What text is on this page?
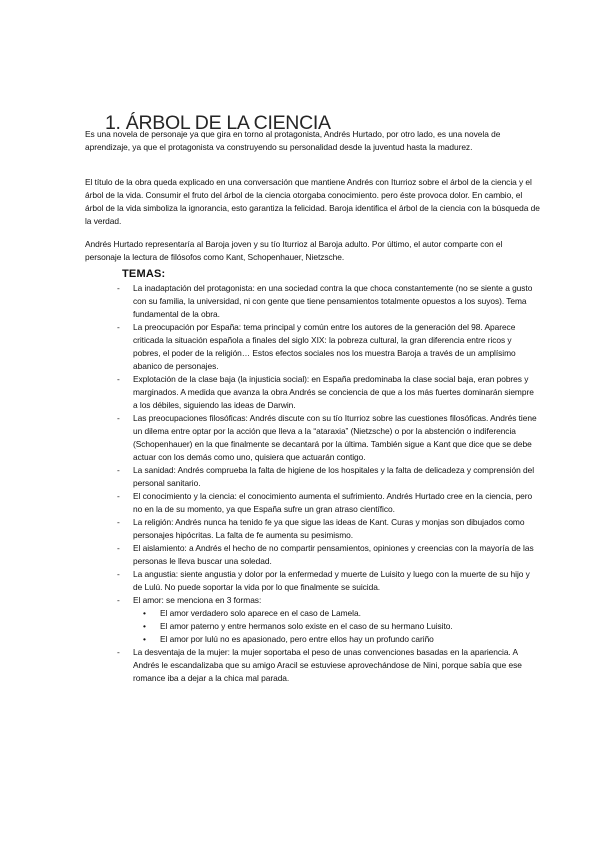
1. ÁRBOL DE LA CIENCIA

Es una novela de personaje ya que gira en torno al protagonista, Andrés Hurtado, por otro lado, es una novela de aprendizaje, ya que el protagonista va construyendo su personalidad desde la juventud hasta la madurez.

El título de la obra queda explicado en una conversación que mantiene Andrés con Iturrioz sobre el árbol de la ciencia y el árbol de la vida. Consumir el fruto del árbol de la ciencia otorgaba conocimiento. pero éste provoca dolor. En cambio, el árbol de la vida simboliza la ignorancia, esto garantiza la felicidad. Baroja identifica el árbol de la ciencia con la búsqueda de la verdad.

Andrés Hurtado representaría al Baroja joven y su tío Iturrioz al Baroja adulto. Por último, el autor comparte con el personaje la lectura de filósofos como Kant, Schopenhauer, Nietzsche.

TEMAS:
- La inadaptación del protagonista: en una sociedad contra la que choca constantemente (no se siente a gusto con su familia, la universidad, ni con gente que tiene pensamientos totalmente opuestos a los suyos). Tema fundamental de la obra.
- La preocupación por España: tema principal y común entre los autores de la generación del 98. Aparece criticada la situación española a finales del siglo XIX: la pobreza cultural, la gran diferencia entre ricos y pobres, el poder de la religión… Estos efectos sociales nos los muestra Baroja a través de un amplísimo abanico de personajes.
- Explotación de la clase baja (la injusticia social): en España predominaba la clase social baja, eran pobres y marginados. A medida que avanza la obra Andrés se conciencia de que a los más fuertes dominarán siempre a los débiles, siguiendo las ideas de Darwin.
- Las preocupaciones filosóficas: Andrés discute con su tío Iturrioz sobre las cuestiones filosóficas. Andrés tiene un dilema entre optar por la acción que lleva a la “ataraxia” (Nietzsche) o por la abstención o indiferencia (Schopenhauer) en la que finalmente se decantará por la última. También sigue a Kant que dice que se debe actuar con los demás como uno, quisiera que actuarán contigo.
- La sanidad: Andrés comprueba la falta de higiene de los hospitales y la falta de delicadeza y comprensión del personal sanitario.
- El conocimiento y la ciencia: el conocimiento aumenta el sufrimiento. Andrés Hurtado cree en la ciencia, pero no en la de su momento, ya que España sufre un gran atraso científico.
- La religión: Andrés nunca ha tenido fe ya que sigue las ideas de Kant. Curas y monjas son dibujados como personajes hipócritas. La falta de fe aumenta su pesimismo.
- El aislamiento: a Andrés el hecho de no compartir pensamientos, opiniones y creencias con la mayoría de las personas le lleva buscar una soledad.
- La angustia: siente angustia y dolor por la enfermedad y muerte de Luisito y luego con la muerte de su hijo y de Lulú. No puede soportar la vida por lo que finalmente se suicida.
- El amor: se menciona en 3 formas:
• El amor verdadero solo aparece en el caso de Lamela.
• El amor paterno y entre hermanos solo existe en el caso de su hermano Luisito.
• El amor por lulú no es apasionado, pero entre ellos hay un profundo cariño
- La desventaja de la mujer: la mujer soportaba el peso de unas convenciones basadas en la apariencia. A Andrés le escandalizaba que su amigo Aracil se estuviese aprovechándose de Nini, porque sabía que ese romance iba a dejar a la chica mal parada.
